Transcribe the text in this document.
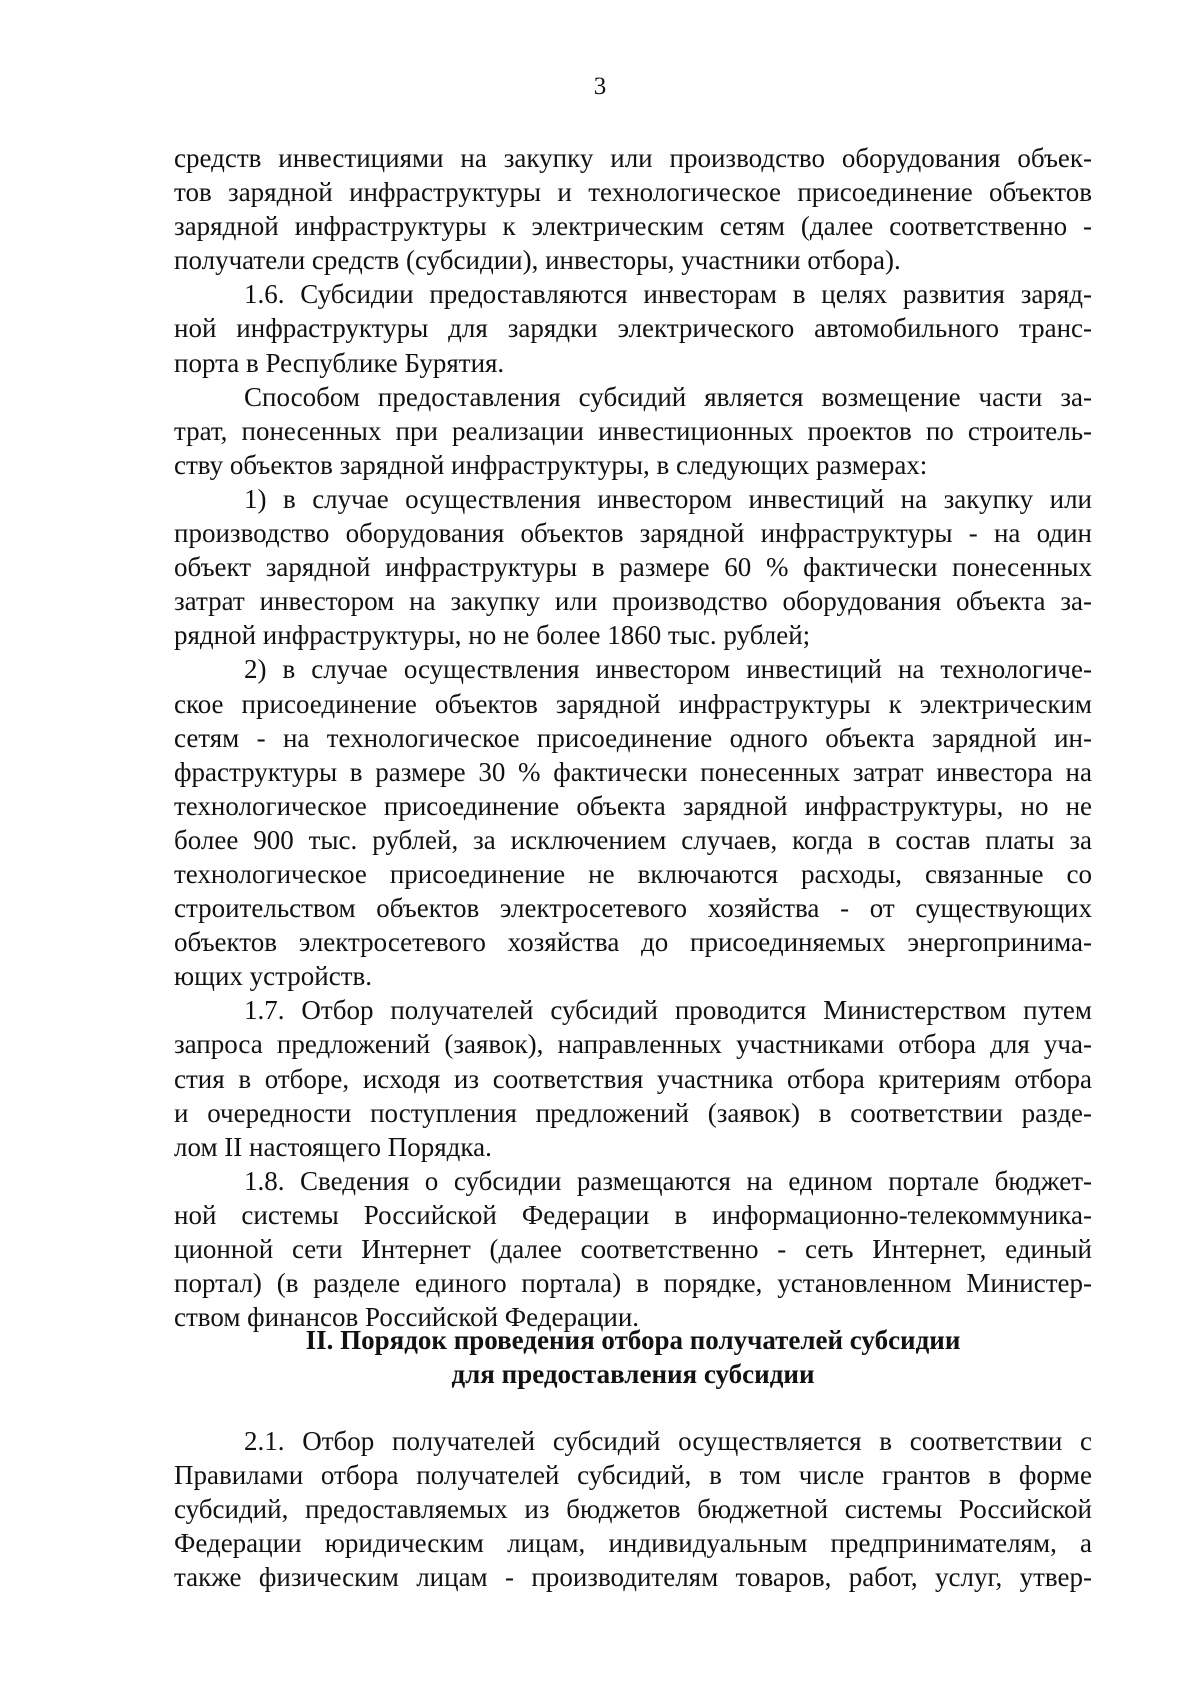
3
средств инвестициями на закупку или производство оборудования объек-
тов зарядной инфраструктуры и технологическое присоединение объектов
зарядной инфраструктуры к электрическим сетям (далее соответственно -
получатели средств (субсидии), инвесторы, участники отбора).
1.6. Субсидии предоставляются инвесторам в целях развития заряд-
ной инфраструктуры для зарядки электрического автомобильного транс-
порта в Республике Бурятия.
Способом предоставления субсидий является возмещение части за-
трат, понесенных при реализации инвестиционных проектов по строитель-
ству объектов зарядной инфраструктуры, в следующих размерах:
1) в случае осуществления инвестором инвестиций на закупку или
производство оборудования объектов зарядной инфраструктуры - на один
объект зарядной инфраструктуры в размере 60 % фактически понесенных
затрат инвестором на закупку или производство оборудования объекта за-
рядной инфраструктуры, но не более 1860 тыс. рублей;
2) в случае осуществления инвестором инвестиций на технологиче-
ское присоединение объектов зарядной инфраструктуры к электрическим
сетям - на технологическое присоединение одного объекта зарядной ин-
фраструктуры в размере 30 % фактически понесенных затрат инвестора на
технологическое присоединение объекта зарядной инфраструктуры, но не
более 900 тыс. рублей, за исключением случаев, когда в состав платы за
технологическое присоединение не включаются расходы, связанные со
строительством объектов электросетевого хозяйства - от существующих
объектов электросетевого хозяйства до присоединяемых энергопринима-
ющих устройств.
1.7. Отбор получателей субсидий проводится Министерством путем
запроса предложений (заявок), направленных участниками отбора для уча-
стия в отборе, исходя из соответствия участника отбора критериям отбора
и очередности поступления предложений (заявок) в соответствии разде-
лом II настоящего Порядка.
1.8. Сведения о субсидии размещаются на едином портале бюджет-
ной системы Российской Федерации в информационно-телекоммуника-
ционной сети Интернет (далее соответственно - сеть Интернет, единый
портал) (в разделе единого портала) в порядке, установленном Министер-
ством финансов Российской Федерации.
II. Порядок проведения отбора получателей субсидии
для предоставления субсидии
2.1. Отбор получателей субсидий осуществляется в соответствии с
Правилами отбора получателей субсидий, в том числе грантов в форме
субсидий, предоставляемых из бюджетов бюджетной системы Российской
Федерации юридическим лицам, индивидуальным предпринимателям, а
также физическим лицам - производителям товаров, работ, услуг, утвер-
